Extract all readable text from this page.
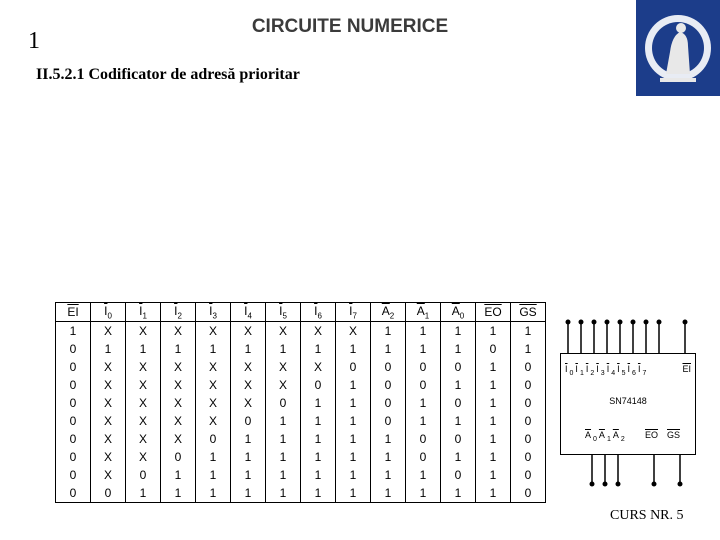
1
CIRCUITE NUMERICE
II.5.2.1 Codificator de adresă prioritar
$\overline{EI}$	$\overline{I}_0$	$\overline{I}_1$	$\overline{I}_2$	$\overline{I}_3$	$\overline{I}_4$	$\overline{I}_5$	$\overline{I}_6$	$\overline{I}_7$	$\overline{A}_2$	$\overline{A}_1$	$\overline{A}_0$	$\overline{EO}$	$\overline{GS}$
1	X	X	X	X	X	X	X	X	1	1	1	1	1
0	1	1	1	1	1	1	1	1	1	1	1	0	1
0	X	X	X	X	X	X	X	0	0	0	0	1	0
0	X	X	X	X	X	X	0	1	0	0	1	1	0
0	X	X	X	X	X	0	1	1	0	1	0	1	0
0	X	X	X	X	0	1	1	1	0	1	1	1	0
0	X	X	X	0	1	1	1	1	1	0	0	1	0
0	X	X	0	1	1	1	1	1	1	0	1	1	0
0	X	0	1	1	1	1	1	1	1	1	0	1	0
0	0	1	1	1	1	1	1	1	1	1	1	1	0
$\overline{I}$ $_0$ $\overline{I}$ $_1$ $\overline{I}$ $_2$ $\overline{I}$ $_3$ $\overline{I}$ $_4$ $\overline{I}$ $_5$ $\overline{I}$ $_6$ $\overline{I}$ $_7$	$\overline{EI}$
SN74148
$\overline{A}$ $_0$ $\overline{A}$ $_1$ $\overline{A}$ $_2$ $\overline{EO}$ $\overline{GS}$
CURS NR. 5
